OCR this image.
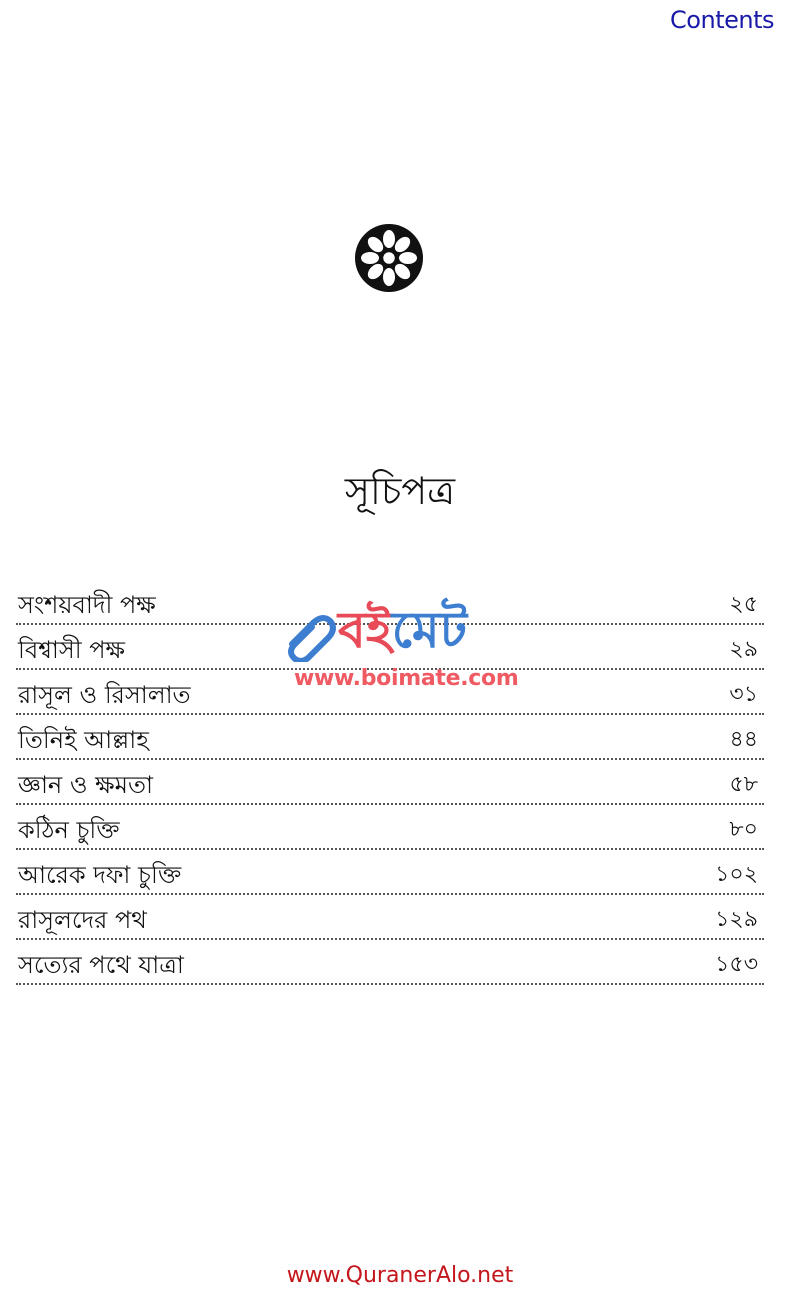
Contents
সূচিপত্র
সংশয়বাদী পক্ষ	২৫
বিশ্বাসী পক্ষ	২৯
রাসূল ও রিসালাত	৩১
তিনিই আল্লাহ	৪৪
জ্ঞান ও ক্ষমতা	৫৮
কঠিন চুক্তি	৮০
আরেক দফা চুক্তি	১০২
রাসূলদের পথ	১২৯
সত্যের পথে যাত্রা	১৫৩
বইমেট
www.boimate.com
www.QuranerAlo.net
